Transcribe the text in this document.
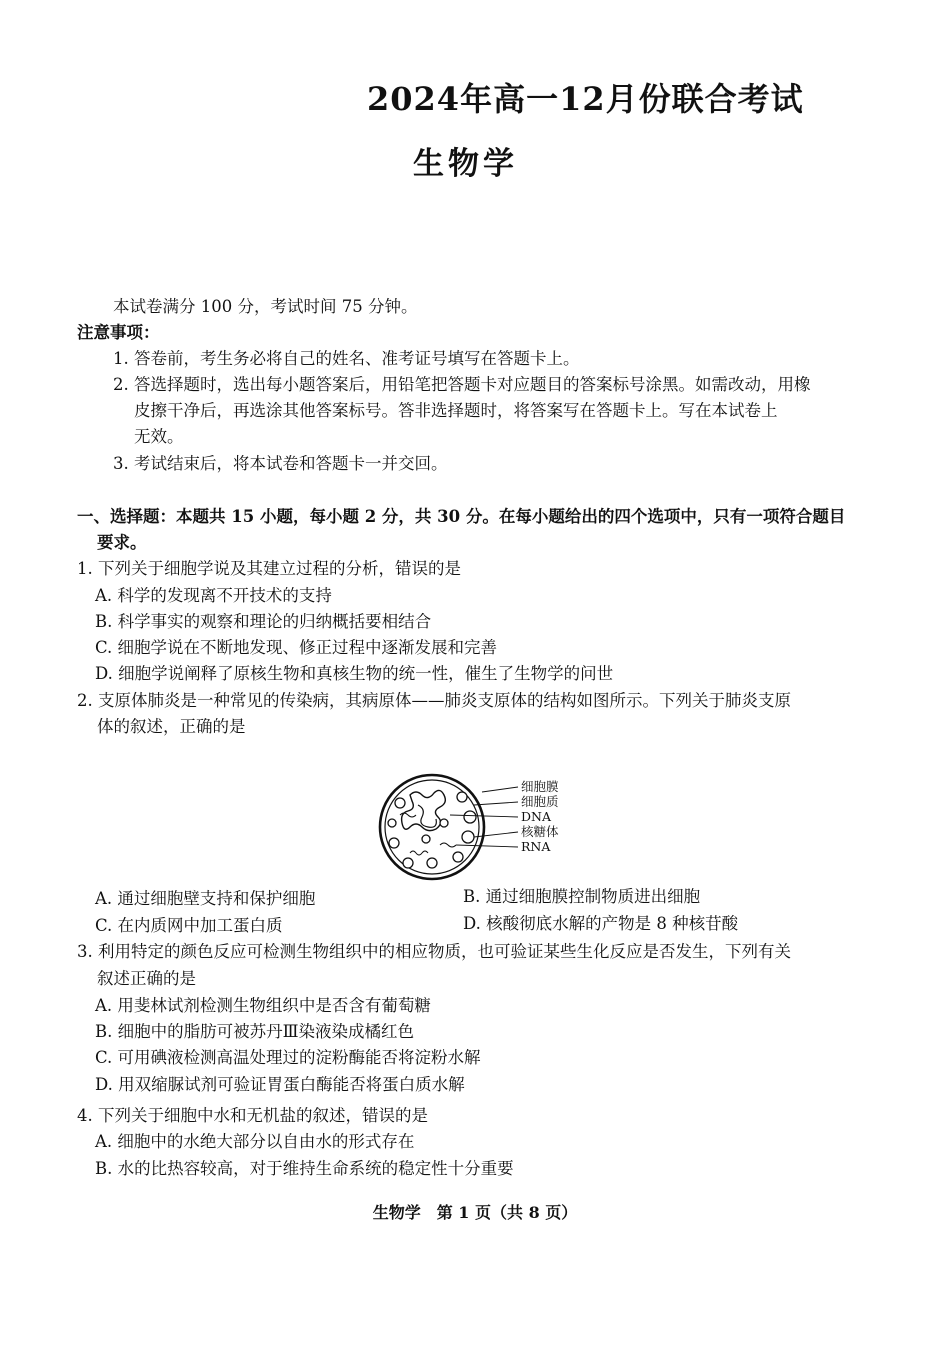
2024年高一12月份联合考试
生物学
本试卷满分 100 分，考试时间 75 分钟。
注意事项：
1. 答卷前，考生务必将自己的姓名、准考证号填写在答题卡上。
2. 答选择题时，选出每小题答案后，用铅笔把答题卡对应题目的答案标号涂黑。如需改动，用橡
皮擦干净后，再选涂其他答案标号。答非选择题时，将答案写在答题卡上。写在本试卷上
无效。
3. 考试结束后，将本试卷和答题卡一并交回。
一、选择题：本题共 15 小题，每小题 2 分，共 30 分。在每小题给出的四个选项中，只有一项符合题目
要求。
1. 下列关于细胞学说及其建立过程的分析，错误的是
A. 科学的发现离不开技术的支持
B. 科学事实的观察和理论的归纳概括要相结合
C. 细胞学说在不断地发现、修正过程中逐渐发展和完善
D. 细胞学说阐释了原核生物和真核生物的统一性，催生了生物学的问世
2. 支原体肺炎是一种常见的传染病，其病原体——肺炎支原体的结构如图所示。下列关于肺炎支原
体的叙述，正确的是
细胞膜
细胞质
DNA
核糖体
RNA
A. 通过细胞壁支持和保护细胞	B. 通过细胞膜控制物质进出细胞
C. 在内质网中加工蛋白质	D. 核酸彻底水解的产物是 8 种核苷酸
3. 利用特定的颜色反应可检测生物组织中的相应物质，也可验证某些生化反应是否发生，下列有关
叙述正确的是
A. 用斐林试剂检测生物组织中是否含有葡萄糖
B. 细胞中的脂肪可被苏丹Ⅲ染液染成橘红色
C. 可用碘液检测高温处理过的淀粉酶能否将淀粉水解
D. 用双缩脲试剂可验证胃蛋白酶能否将蛋白质水解
4. 下列关于细胞中水和无机盐的叙述，错误的是
A. 细胞中的水绝大部分以自由水的形式存在
B. 水的比热容较高，对于维持生命系统的稳定性十分重要
生物学　第 1 页（共 8 页）
